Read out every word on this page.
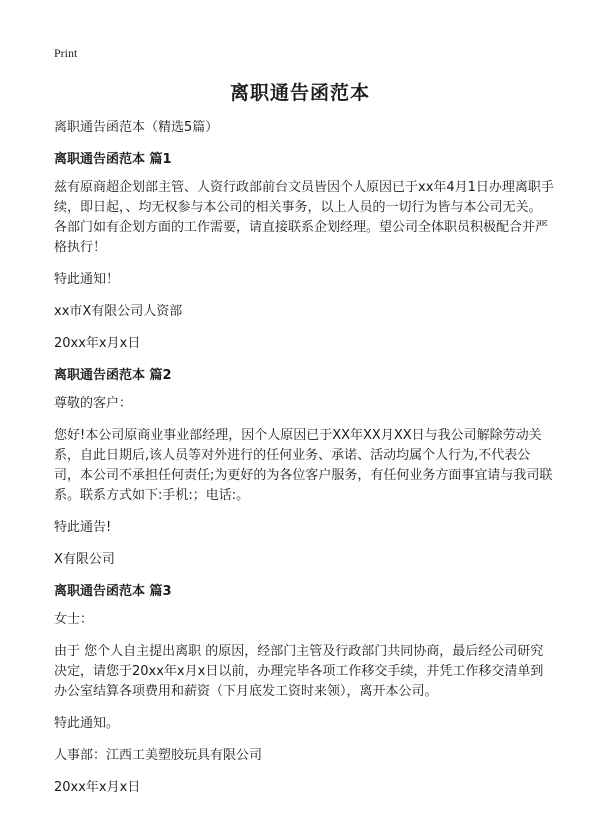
Print
离职通告函范本
离职通告函范本（精选5篇）
离职通告函范本 篇1
兹有原商超企划部主管、人资行政部前台文员皆因个人原因已于xx年4月1日办理离职手续，即日起，、均无权参与本公司的相关事务，以上人员的一切行为皆与本公司无关。各部门如有企划方面的工作需要，请直接联系企划经理。望公司全体职员积极配合并严格执行！
特此通知！
xx市X有限公司人资部
20xx年x月x日
离职通告函范本 篇2
尊敬的客户：
您好!本公司原商业事业部经理，因个人原因已于XX年XX月XX日与我公司解除劳动关系，自此日期后,该人员等对外进行的任何业务、承诺、活动均属个人行为,不代表公司，本公司不承担任何责任;为更好的为各位客户服务，有任何业务方面事宜请与我司联系。联系方式如下:手机:；电话:。
特此通告!
X有限公司
离职通告函范本 篇3
女士：
由于 您个人自主提出离职 的原因，经部门主管及行政部门共同协商，最后经公司研究决定，请您于20xx年x月x日以前，办理完毕各项工作移交手续，并凭工作移交清单到办公室结算各项费用和薪资（下月底发工资时来领），离开本公司。
特此通知。
人事部：江西工美塑胶玩具有限公司
20xx年x月x日
